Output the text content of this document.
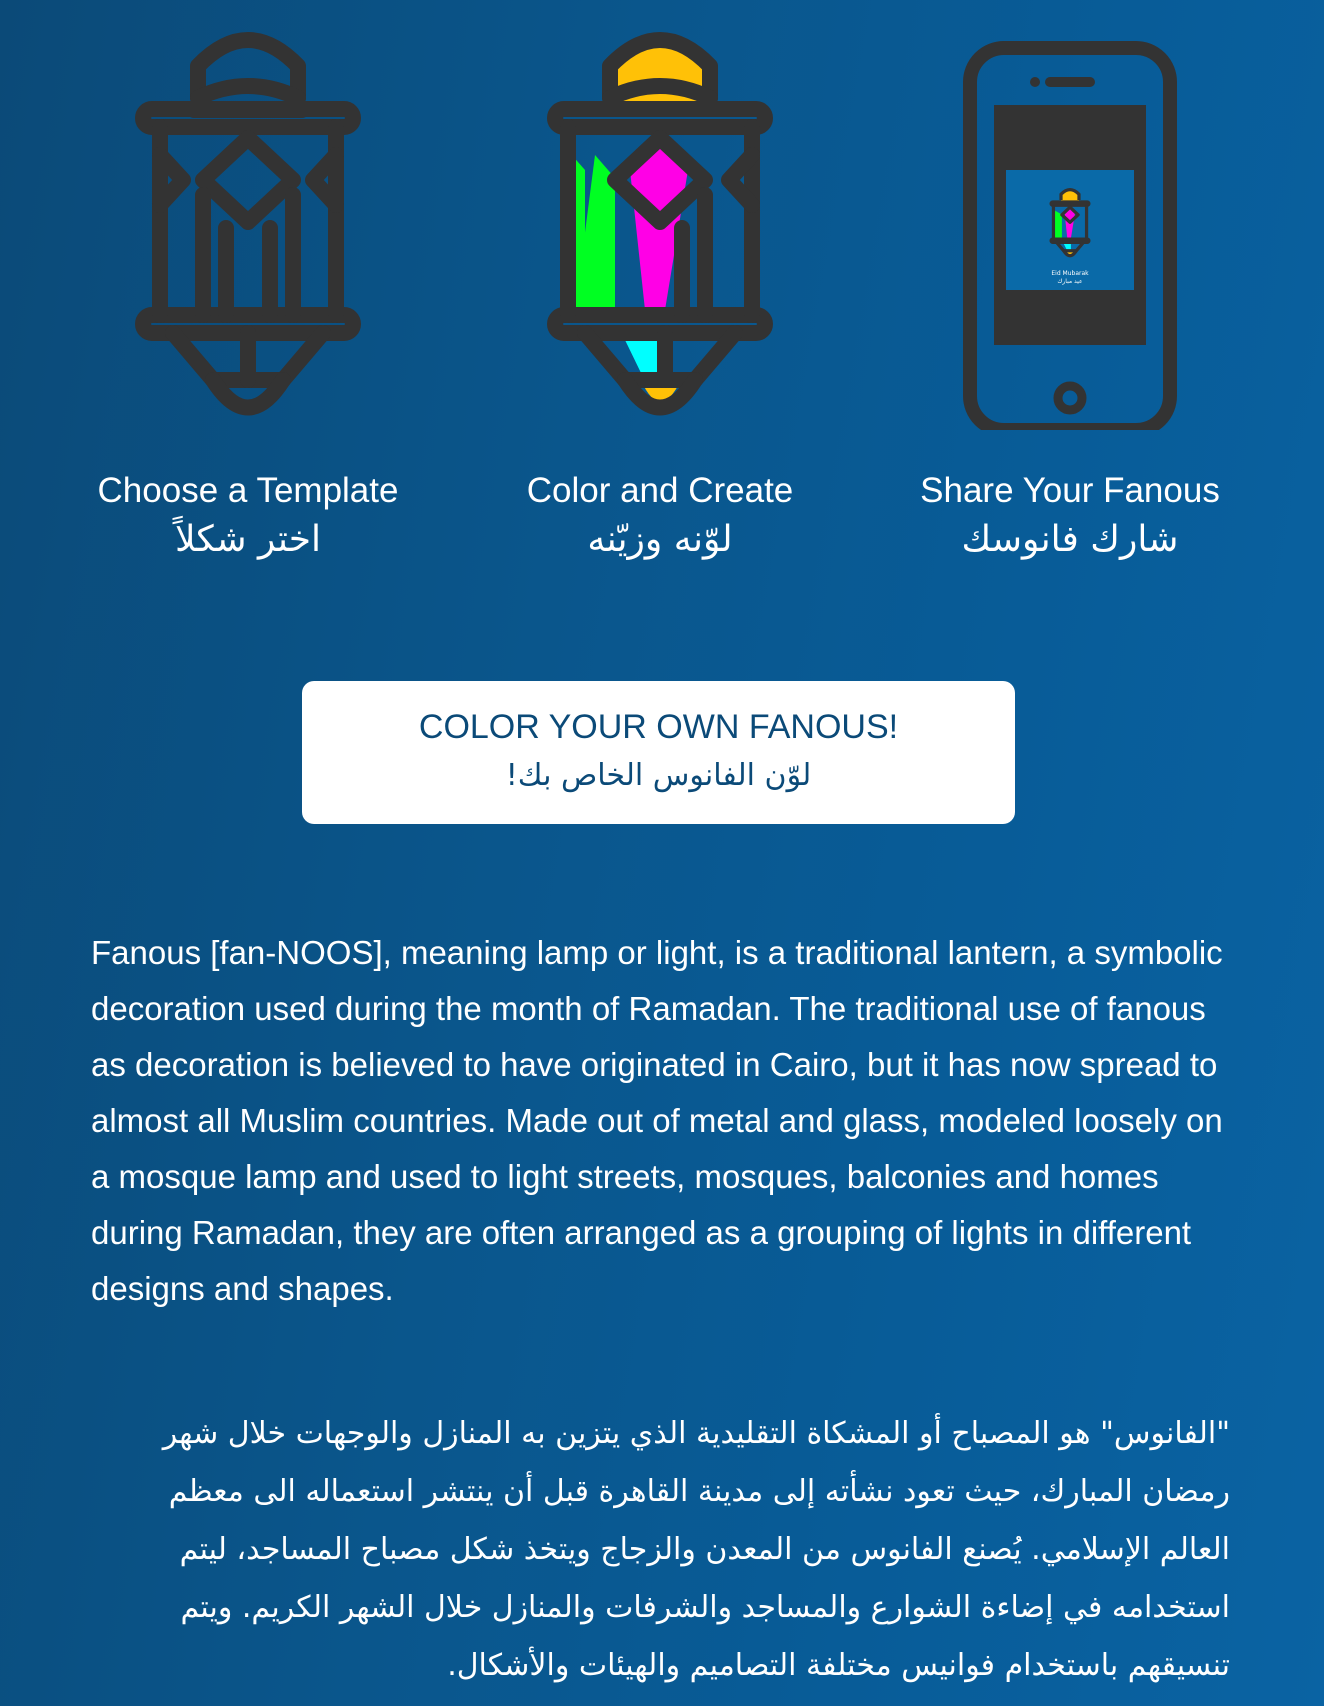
Choose a Template
اختر شكلاً
Color and Create
لوّنه وزيّنه
Eid Mubarak
عيد مبارك
Share Your Fanous
شارك فانوسك
COLOR YOUR OWN FANOUS!
لوّن الفانوس الخاص بك!

Fanous [fan-NOOS], meaning lamp or light, is a traditional lantern, a symbolic decoration used during the month of Ramadan. The traditional use of fanous as decoration is believed to have originated in Cairo, but it has now spread to almost all Muslim countries. Made out of metal and glass, modeled loosely on a mosque lamp and used to light streets, mosques, balconies and homes during Ramadan, they are often arranged as a grouping of lights in different designs and shapes.

"الفانوس" هو المصباح أو المشكاة التقليدية الذي يتزين به المنازل والوجهات خلال شهر رمضان المبارك، حيث تعود نشأته إلى مدينة القاهرة قبل أن ينتشر استعماله الى معظم العالم الإسلامي. يُصنع الفانوس من المعدن والزجاج ويتخذ شكل مصباح المساجد، ليتم استخدامه في إضاءة الشوارع والمساجد والشرفات والمنازل خلال الشهر الكريم. ويتم تنسيقهم باستخدام فوانيس مختلفة التصاميم والهيئات والأشكال.
